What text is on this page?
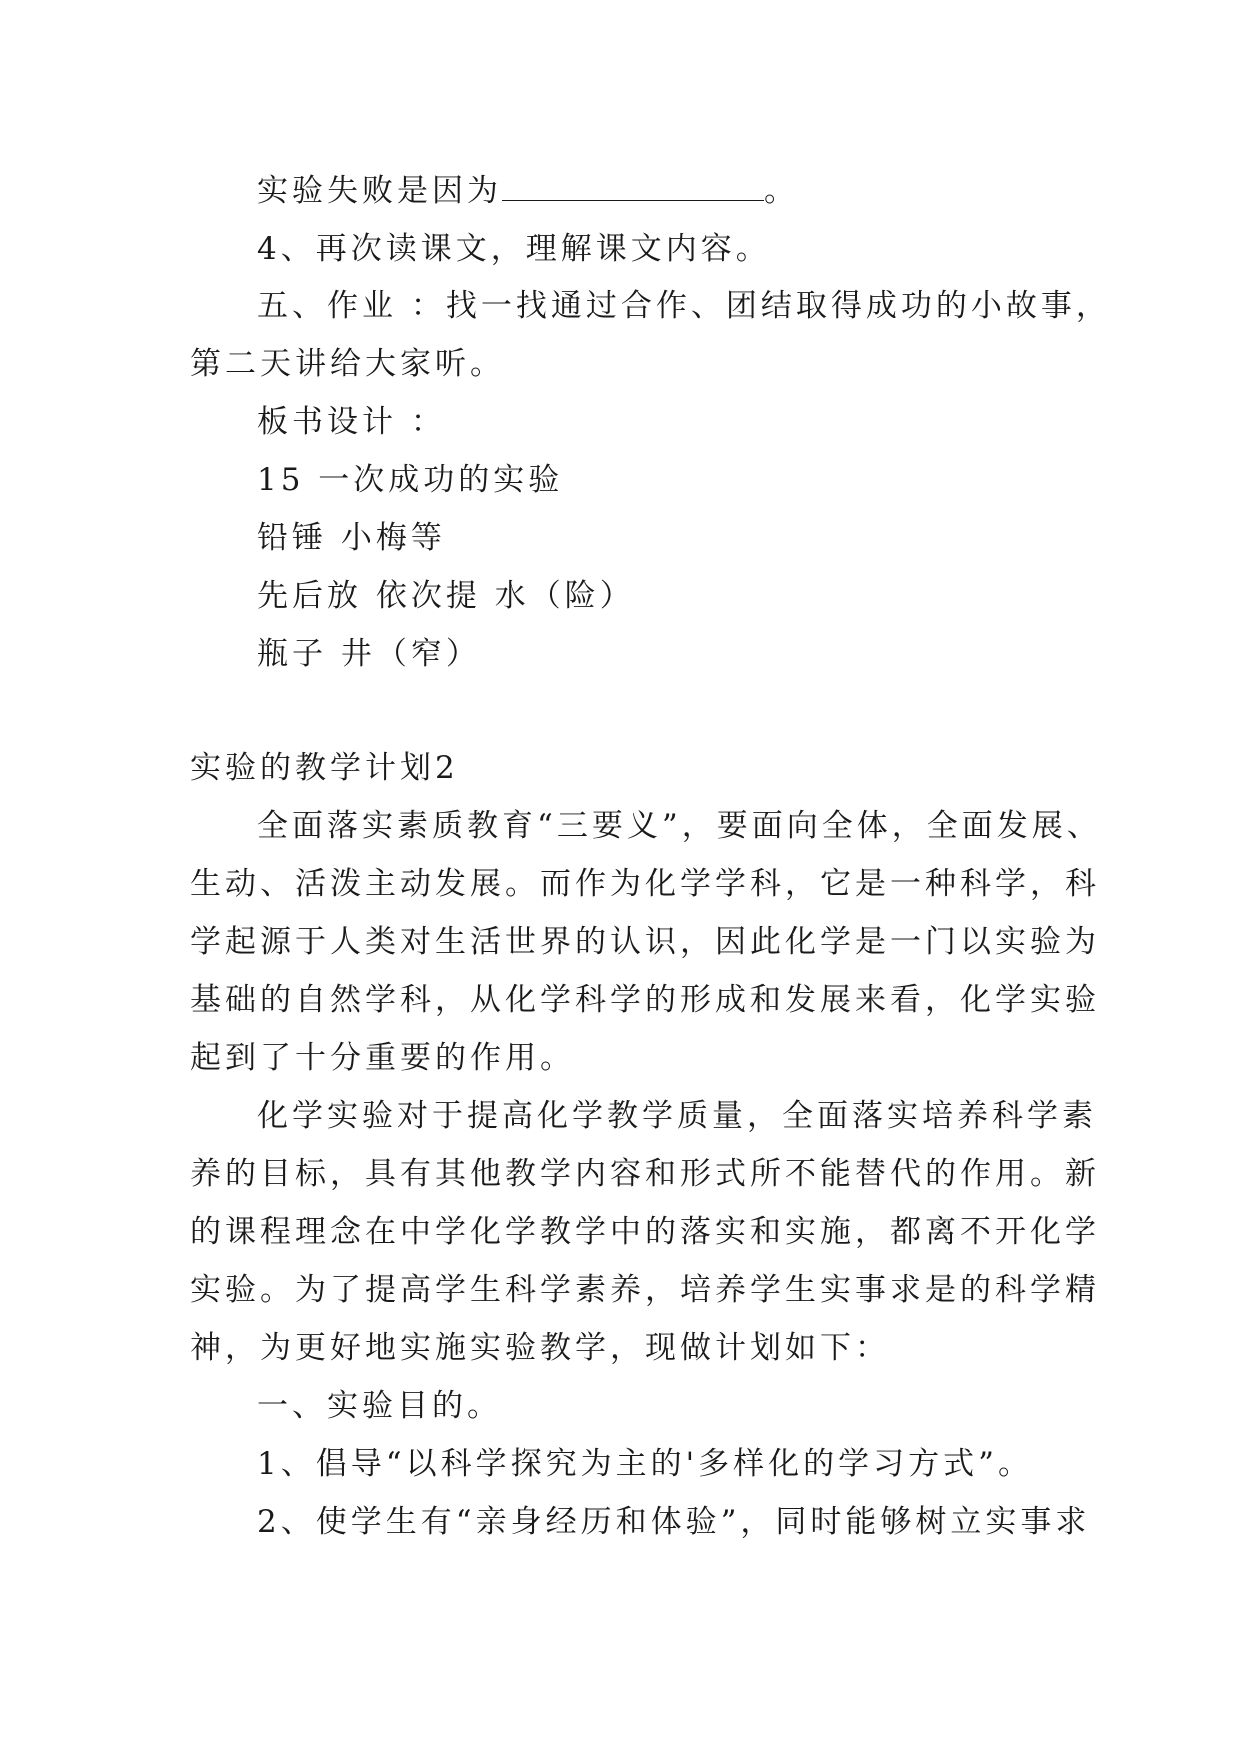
实验失败是因为	。
4、再次读课文，理解课文内容。
五、作业 ：找一找通过合作、团结取得成功的小故事，
第二天讲给大家听。
板书设计 ：
15 一次成功的实验
铅锤 小梅等
先后放 依次提 水（险）
瓶子 井（窄）
实验的教学计划2
全面落实素质教育“三要义”，要面向全体，全面发展、
生动、活泼主动发展。而作为化学学科，它是一种科学，科
学起源于人类对生活世界的认识，因此化学是一门以实验为
基础的自然学科，从化学科学的形成和发展来看，化学实验
起到了十分重要的作用。
化学实验对于提高化学教学质量，全面落实培养科学素
养的目标，具有其他教学内容和形式所不能替代的作用。新
的课程理念在中学化学教学中的落实和实施，都离不开化学
实验。为了提高学生科学素养，培养学生实事求是的科学精
神，为更好地实施实验教学，现做计划如下：
一、实验目的。
1、倡导“以科学探究为主的'多样化的学习方式”。
2、使学生有“亲身经历和体验”，同时能够树立实事求
